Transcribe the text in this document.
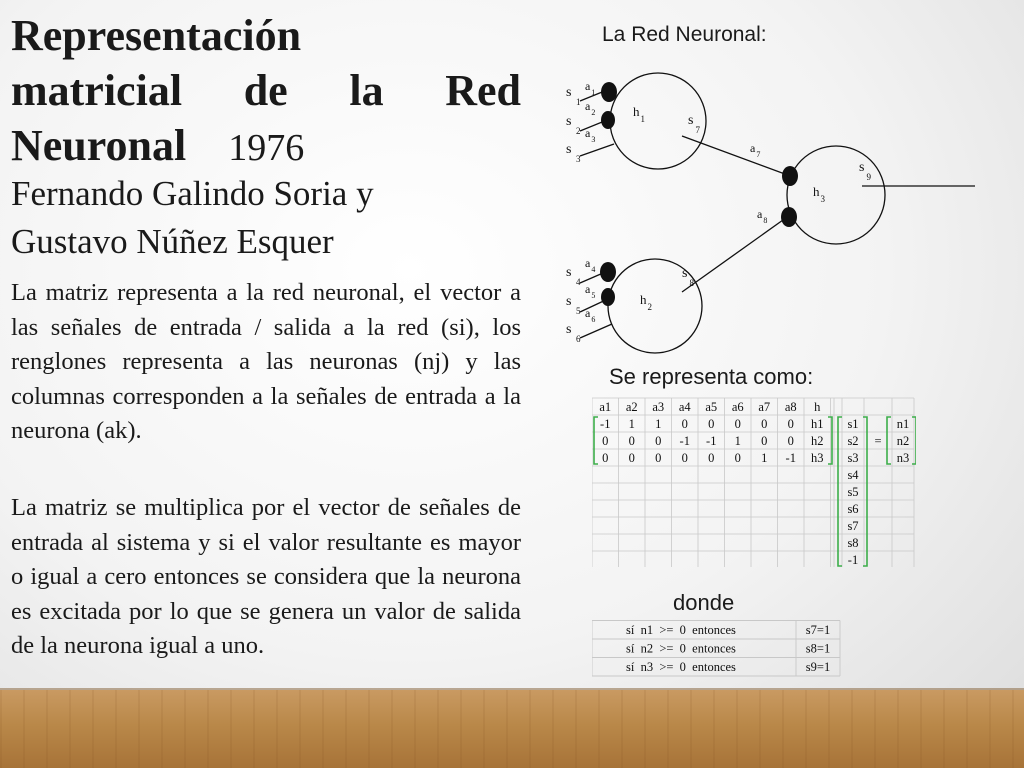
Representación
matricial de la Red

Neuronal 1976

Fernando Galindo Soria y
Gustavo Núñez Esquer

La matriz representa a la red neuronal, el vector a las señales de entrada / salida a la red (si), los renglones representa a las neuronas (nj) y las columnas corresponden a la señales de entrada a la neurona (ak).

La matriz se multiplica por el vector de señales de entrada al sistema y si el valor resultante es mayor o igual a cero entonces se considera que la neurona es excitada por lo que se genera un valor de salida de la neurona igual a uno.

La Red Neuronal:

$h_1$
$h_2$
$h_3$
s1
s2
s3
s4
s5
s6
$s_7$
$s_8$
$s_9$
$a_1$
$a_2$
$a_3$
$a_4$
$a_5$
$a_6$
$a_7$
$a_8$

Se representa como:

a1 a2 a3 a4 a5 a6 a7 a8 h
-1 1 1 0 0 0 0 0 h1
0 0 0 -1 -1 1 0 0 h2
0 0 0 0 0 0 1 -1 h3
s1
s2
s3
s4
s5
s6
s7
s8
-1
=
n1
n2
n3

donde

sí  n1  >=  0  entonces	s7=1
sí  n2  >=  0  entonces	s8=1
sí  n3  >=  0  entonces	s9=1
